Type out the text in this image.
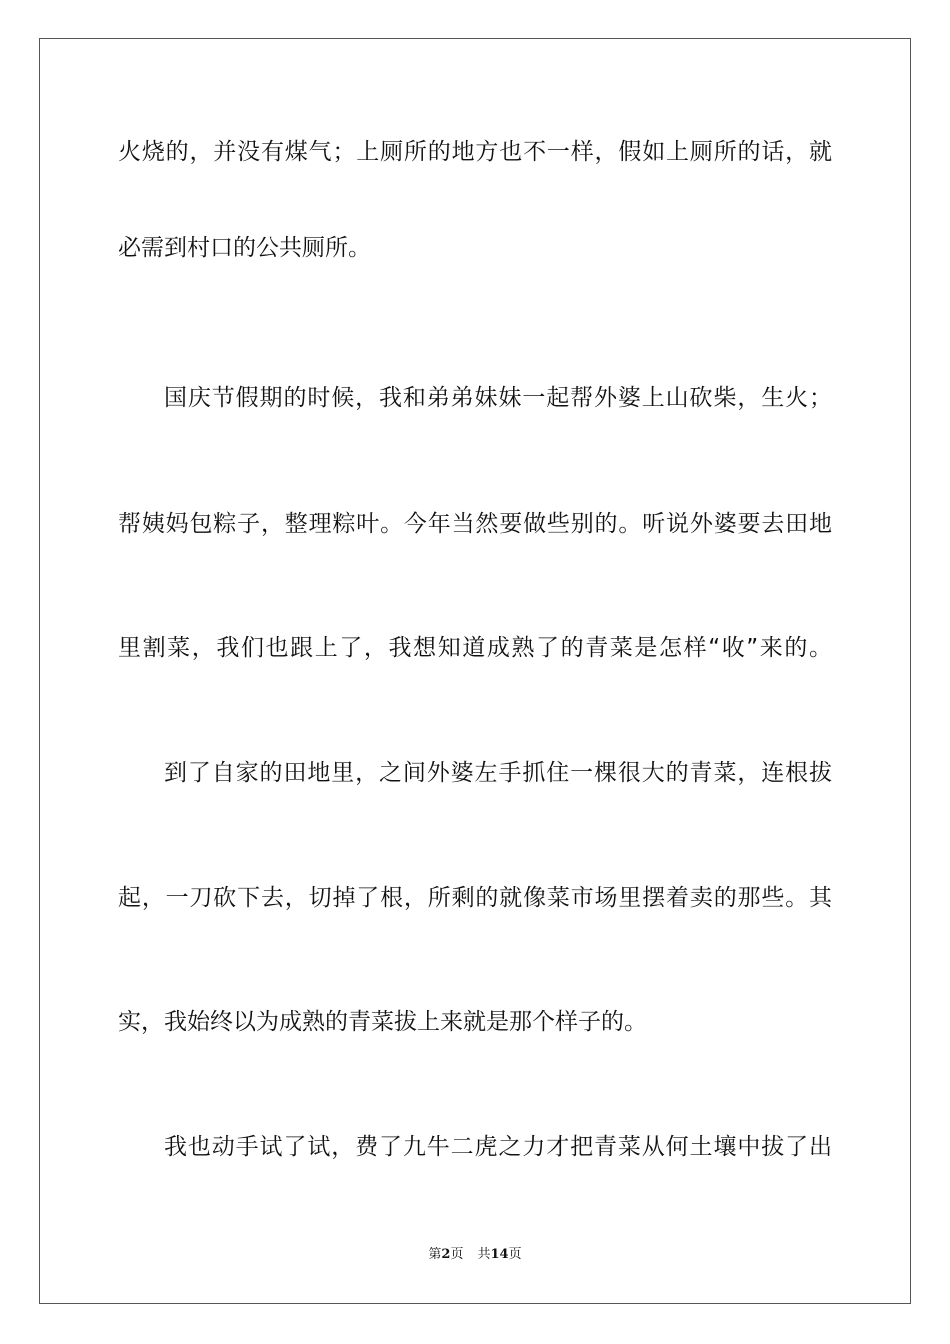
火烧的，并没有煤气；上厕所的地方也不一样，假如上厕所的话，就
必需到村口的公共厕所。
国庆节假期的时候，我和弟弟妹妹一起帮外婆上山砍柴，生火；
帮姨妈包粽子，整理粽叶。今年当然要做些别的。听说外婆要去田地
里割菜，我们也跟上了，我想知道成熟了的青菜是怎样“收”来的。
到了自家的田地里，之间外婆左手抓住一棵很大的青菜，连根拔
起，一刀砍下去，切掉了根，所剩的就像菜市场里摆着卖的那些。其
实，我始终以为成熟的青菜拔上来就是那个样子的。
我也动手试了试，费了九牛二虎之力才把青菜从何土壤中拔了出
第2页 共14页
